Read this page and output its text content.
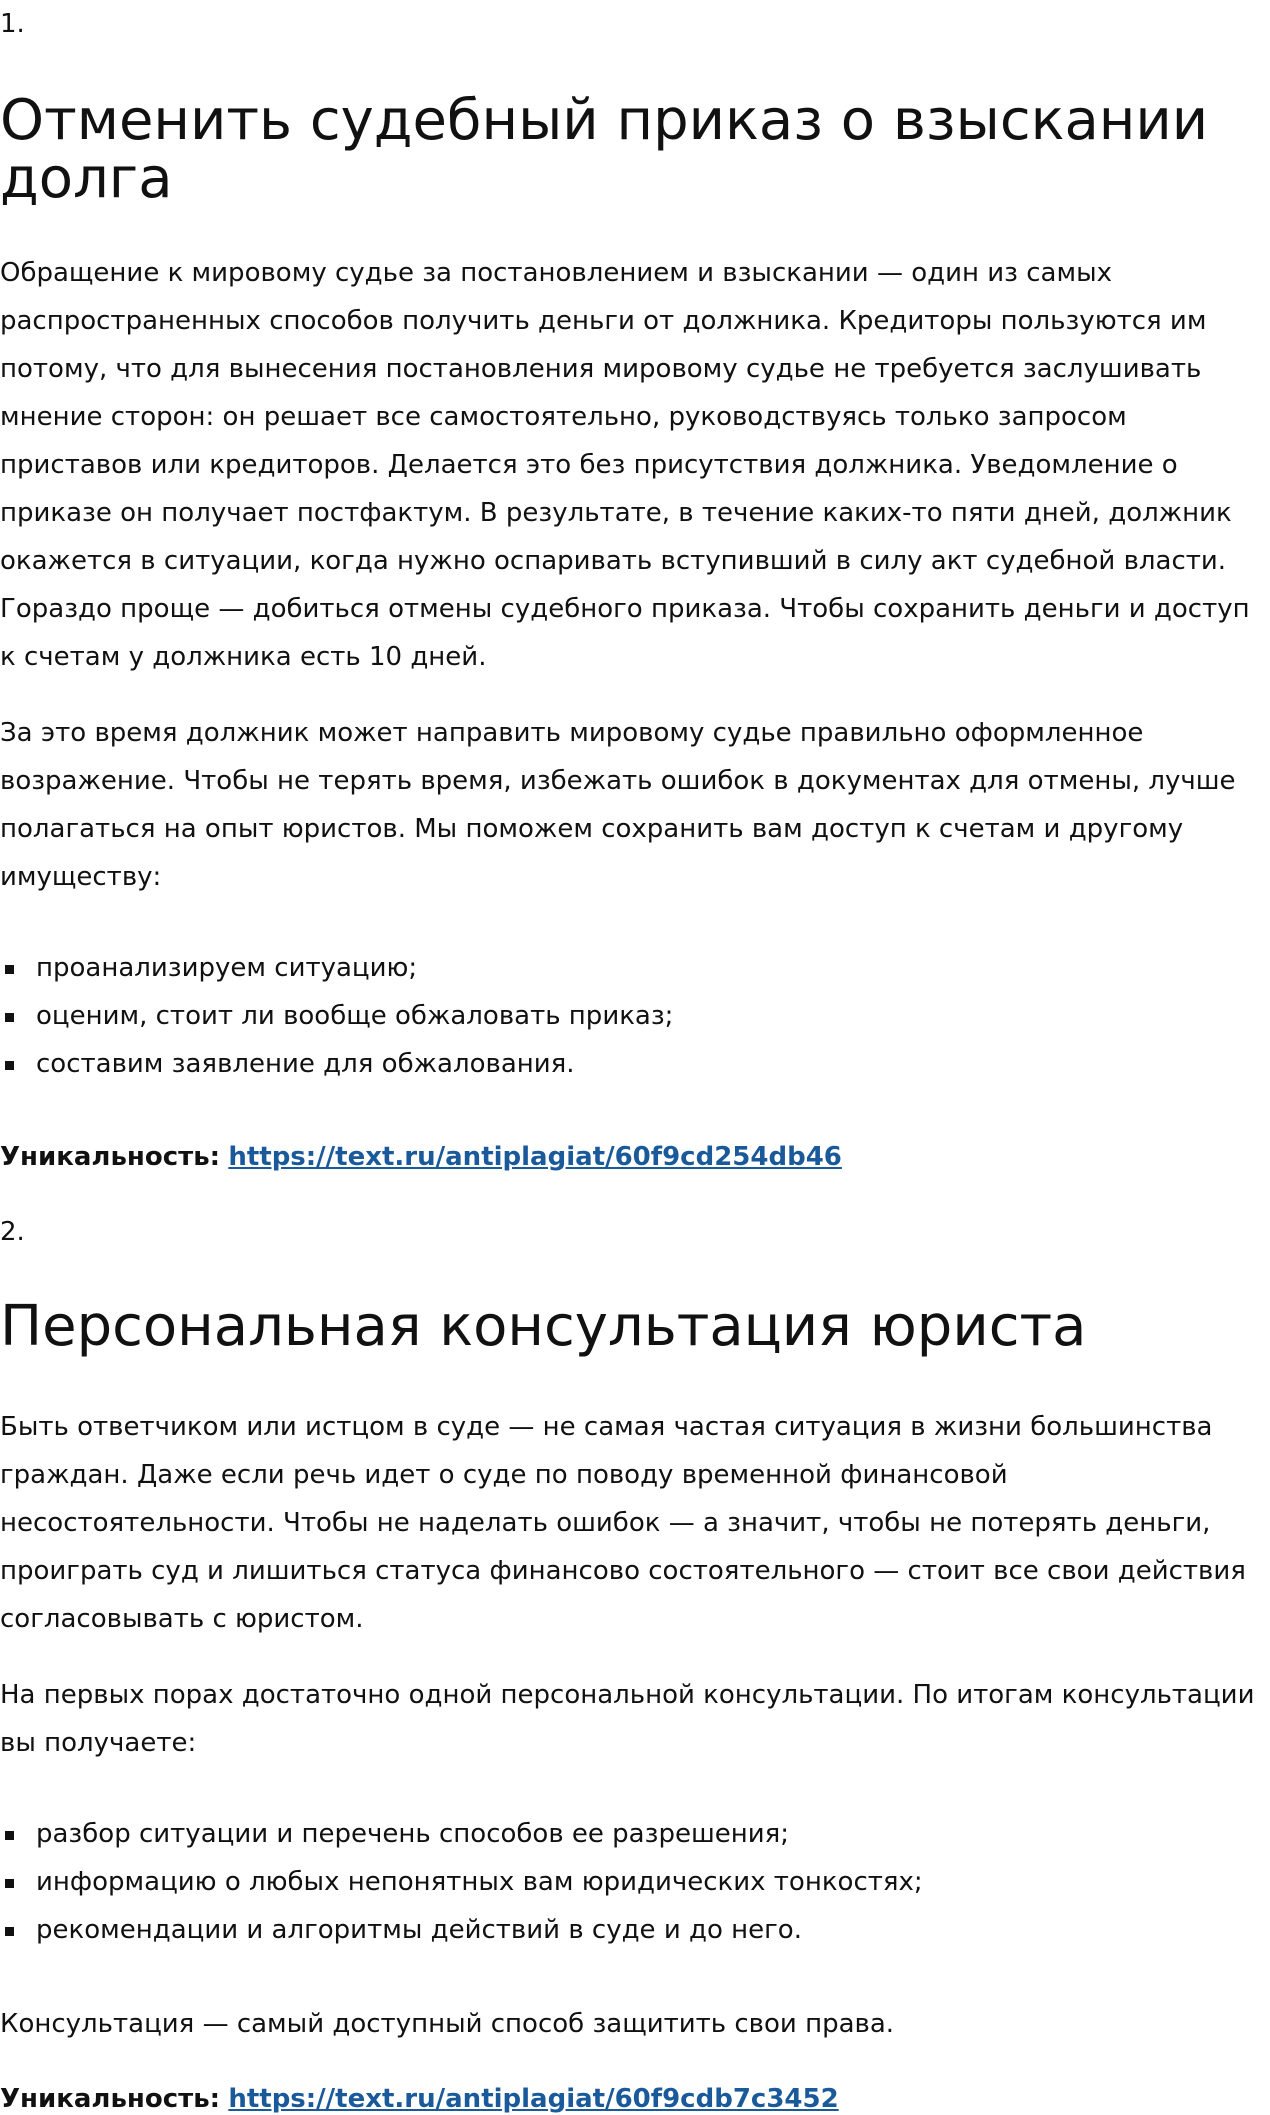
1.

Отменить судебный приказ о взыскании долга

Обращение к мировому судье за постановлением и взыскании — один из самых распространенных способов получить деньги от должника. Кредиторы пользуются им потому, что для вынесения постановления мировому судье не требуется заслушивать мнение сторон: он решает все самостоятельно, руководствуясь только запросом приставов или кредиторов. Делается это без присутствия должника. Уведомление о приказе он получает постфактум. В результате, в течение каких-то пяти дней, должник окажется в ситуации, когда нужно оспаривать вступивший в силу акт судебной власти. Гораздо проще — добиться отмены судебного приказа. Чтобы сохранить деньги и доступ к счетам у должника есть 10 дней.

За это время должник может направить мировому судье правильно оформленное возражение. Чтобы не терять время, избежать ошибок в документах для отмены, лучше полагаться на опыт юристов. Мы поможем сохранить вам доступ к счетам и другому имуществу:

проанализируем ситуацию;
оценим, стоит ли вообще обжаловать приказ;
составим заявление для обжалования.

Уникальность: https://text.ru/antiplagiat/60f9cd254db46

2.

Персональная консультация юриста

Быть ответчиком или истцом в суде — не самая частая ситуация в жизни большинства граждан. Даже если речь идет о суде по поводу временной финансовой несостоятельности. Чтобы не наделать ошибок — а значит, чтобы не потерять деньги, проиграть суд и лишиться статуса финансово состоятельного — стоит все свои действия согласовывать с юристом.

На первых порах достаточно одной персональной консультации. По итогам консультации вы получаете:

разбор ситуации и перечень способов ее разрешения;
информацию о любых непонятных вам юридических тонкостях;
рекомендации и алгоритмы действий в суде и до него.

Консультация — самый доступный способ защитить свои права.

Уникальность: https://text.ru/antiplagiat/60f9cdb7c3452
